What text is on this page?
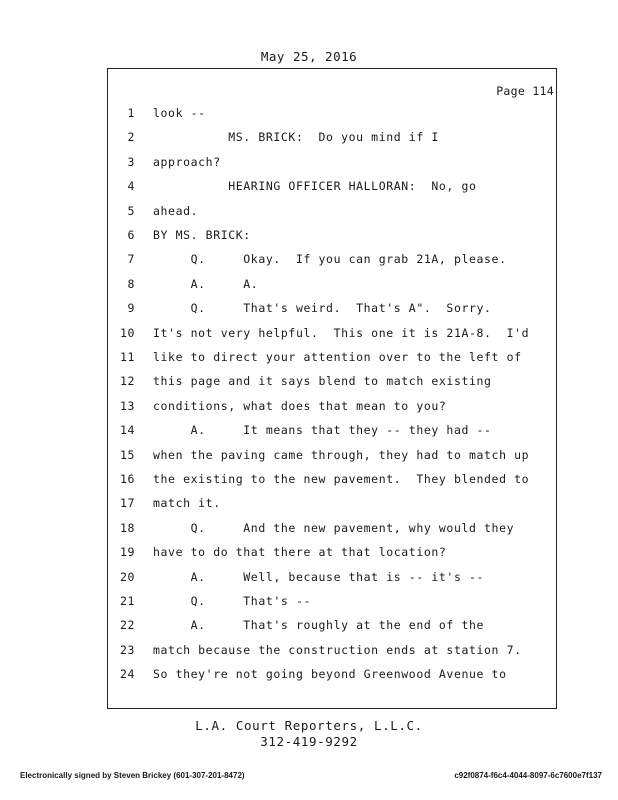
May 25, 2016
Page 114
1 look --
2 MS. BRICK:  Do you mind if I
3 approach?
4 HEARING OFFICER HALLORAN:  No, go
5 ahead.
6 BY MS. BRICK:
7 Q.     Okay.  If you can grab 21A, please.
8 A.     A.
9 Q.     That's weird.  That's A".  Sorry.
10 It's not very helpful.  This one it is 21A-8.  I'd
11 like to direct your attention over to the left of
12 this page and it says blend to match existing
13 conditions, what does that mean to you?
14 A.     It means that they -- they had --
15 when the paving came through, they had to match up
16 the existing to the new pavement.  They blended to
17 match it.
18 Q.     And the new pavement, why would they
19 have to do that there at that location?
20 A.     Well, because that is -- it's --
21 Q.     That's --
22 A.     That's roughly at the end of the
23 match because the construction ends at station 7.
24 So they're not going beyond Greenwood Avenue to
L.A. Court Reporters, L.L.C.
312-419-9292
Electronically signed by Steven Brickey (601-307-201-8472)	c92f0874-f6c4-4044-8097-6c7600e7f137
